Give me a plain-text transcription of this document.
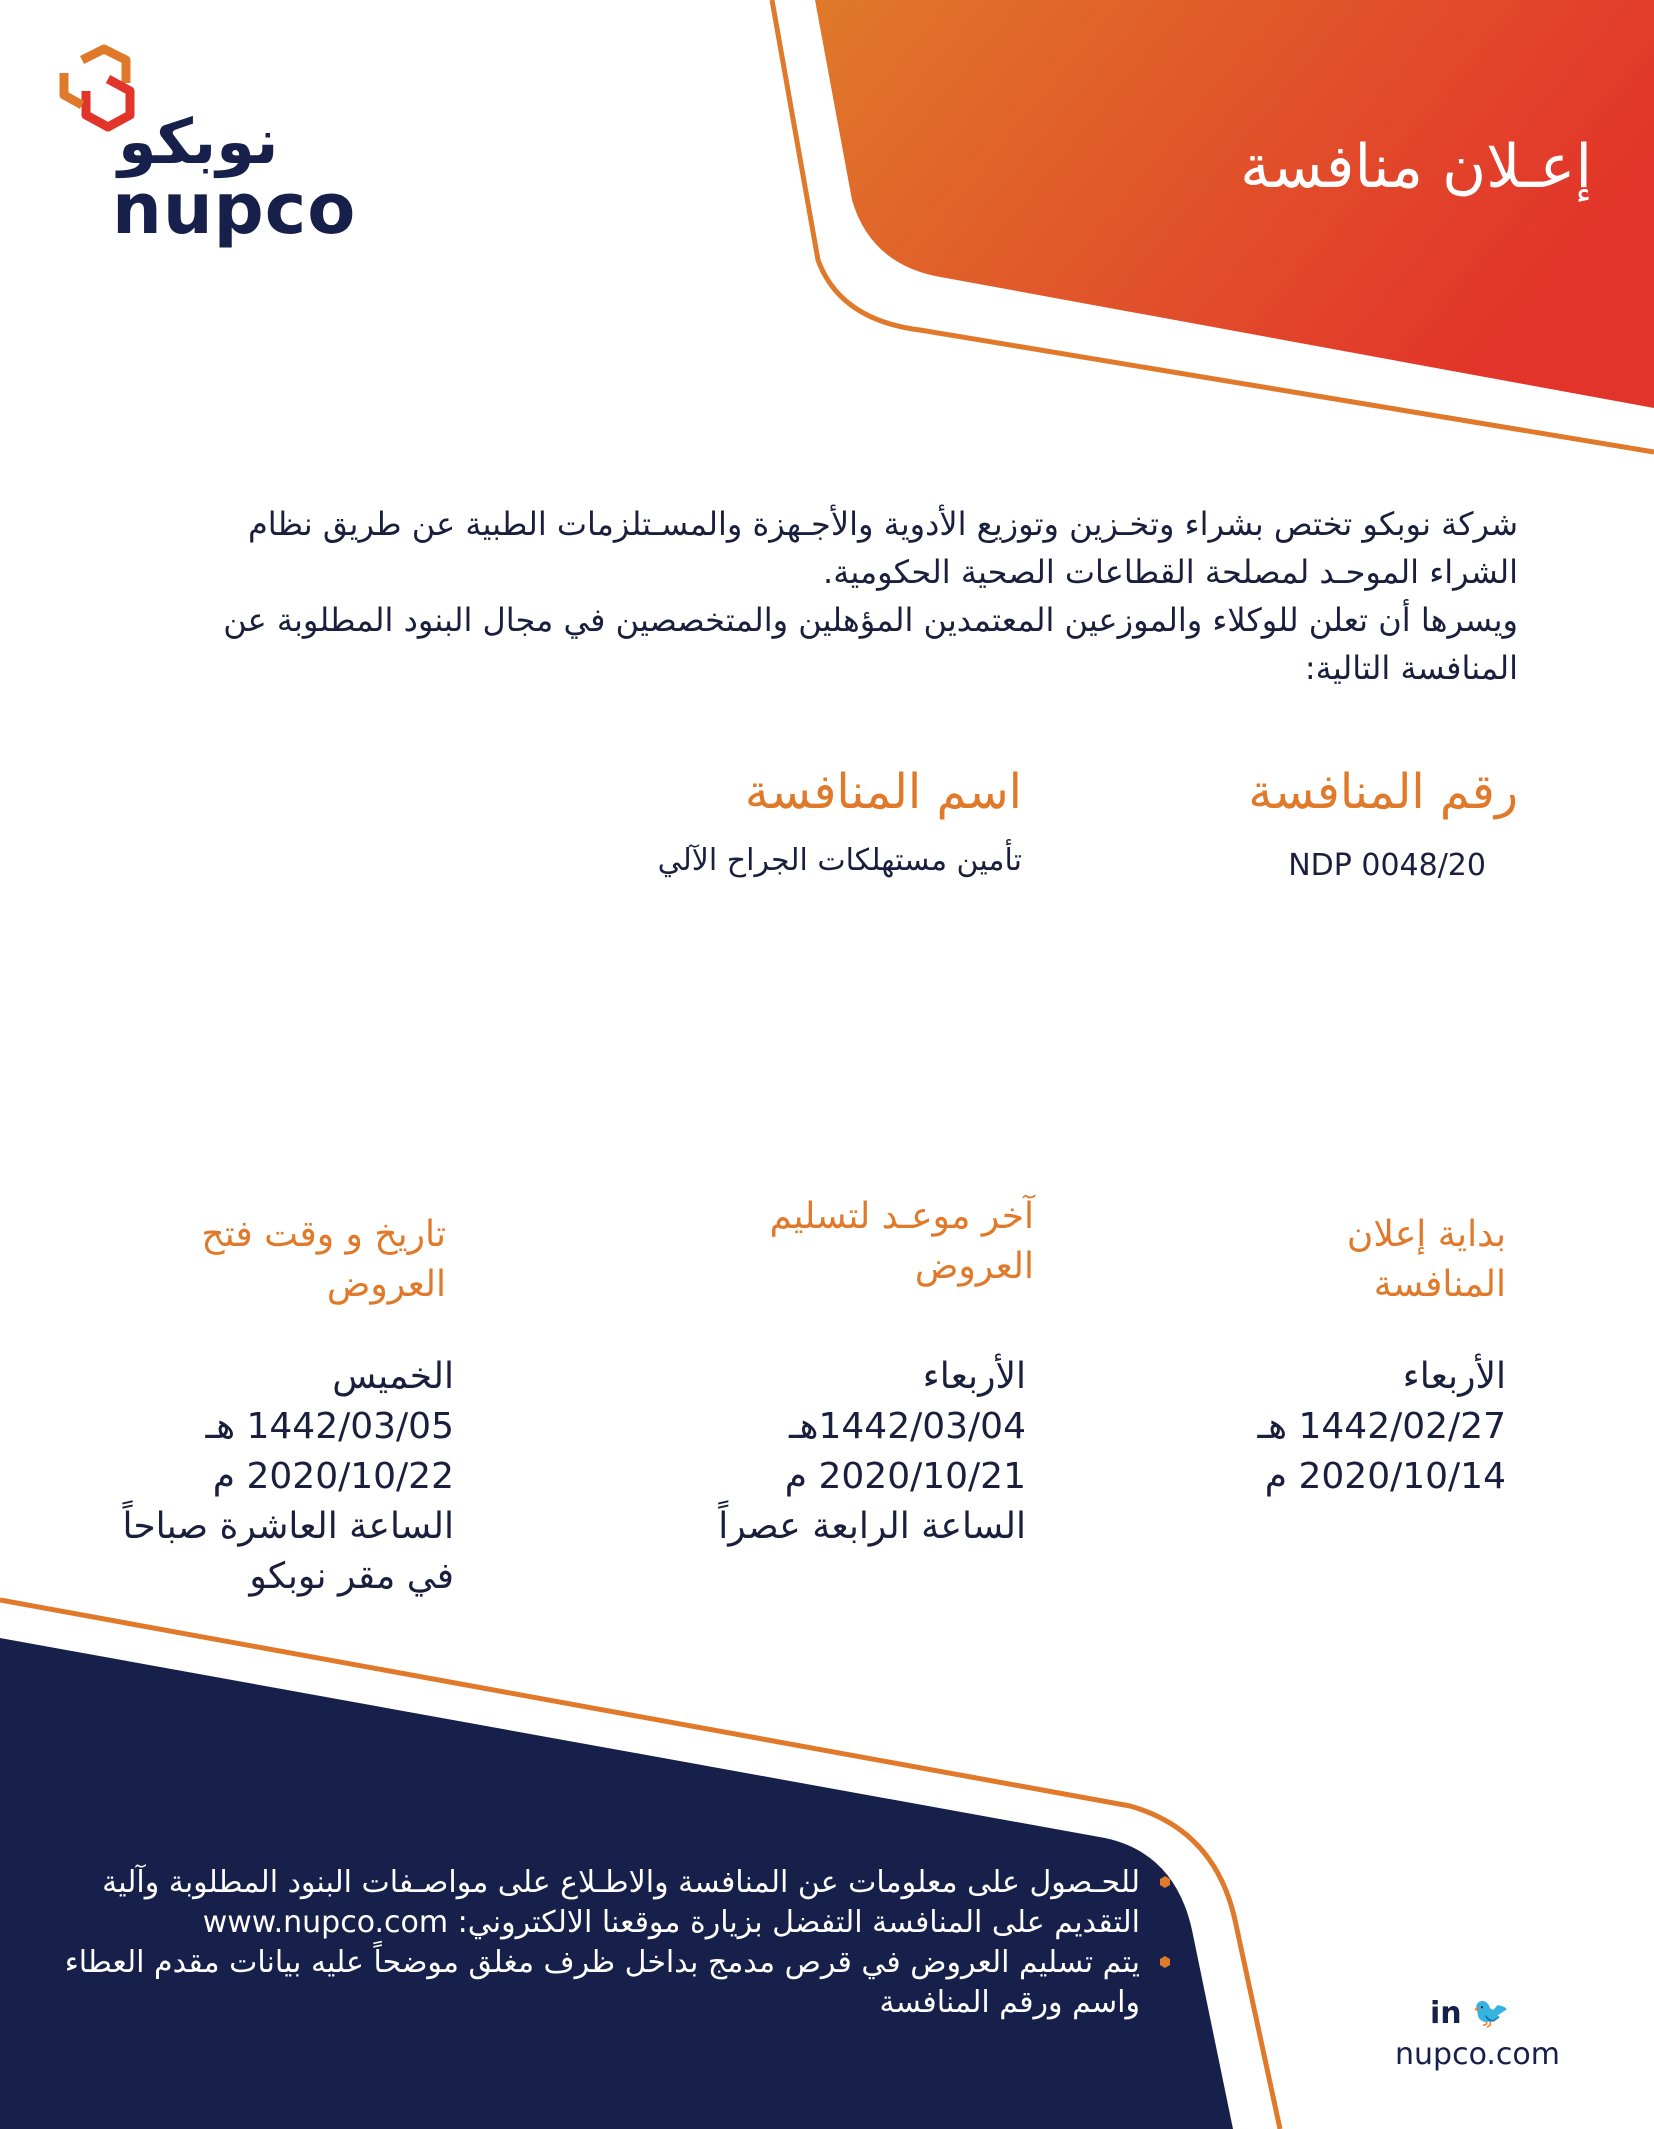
نوبكو
nupco
إعـلان منافسة

شركة نوبكو تختص بشراء وتخـزين وتوزيع الأدوية والأجـهزة والمسـتلزمات الطبية عن طريق نظام الشراء الموحـد لمصلحة القطاعات الصحية الحكومية.

ويسرها أن تعلن للوكلاء والموزعين المعتمدين المؤهلين والمتخصصين في مجال البنود المطلوبة عن المنافسة التالية:

رقم المنافسة
NDP 0048/20
اسم المنافسة
تأمين مستهلكات الجراح الآلي
بداية إعلان
المنافسة
الأربعاء
1442/02/27 هـ
2020/10/14 م
آخر موعـد لتسليم
العروض
الأربعاء
1442/03/04هـ
2020/10/21 م
الساعة الرابعة عصراً
تاريخ و وقت فتح
العروض
الخميس
1442/03/05 هـ
2020/10/22 م
الساعة العاشرة صباحاً
في مقر نوبكو
للحـصول على معلومات عن المنافسة والاطـلاع على مواصـفات البنود المطلوبة وآلية التقديم على المنافسة التفضل بزيارة موقعنا الالكتروني: www.nupco.com
يتم تسليم العروض في قرص مدمج بداخل ظرف مغلق موضحاً عليه بيانات مقدم العطاء واسم ورقم المنافسة	in 🐦
nupco.com
